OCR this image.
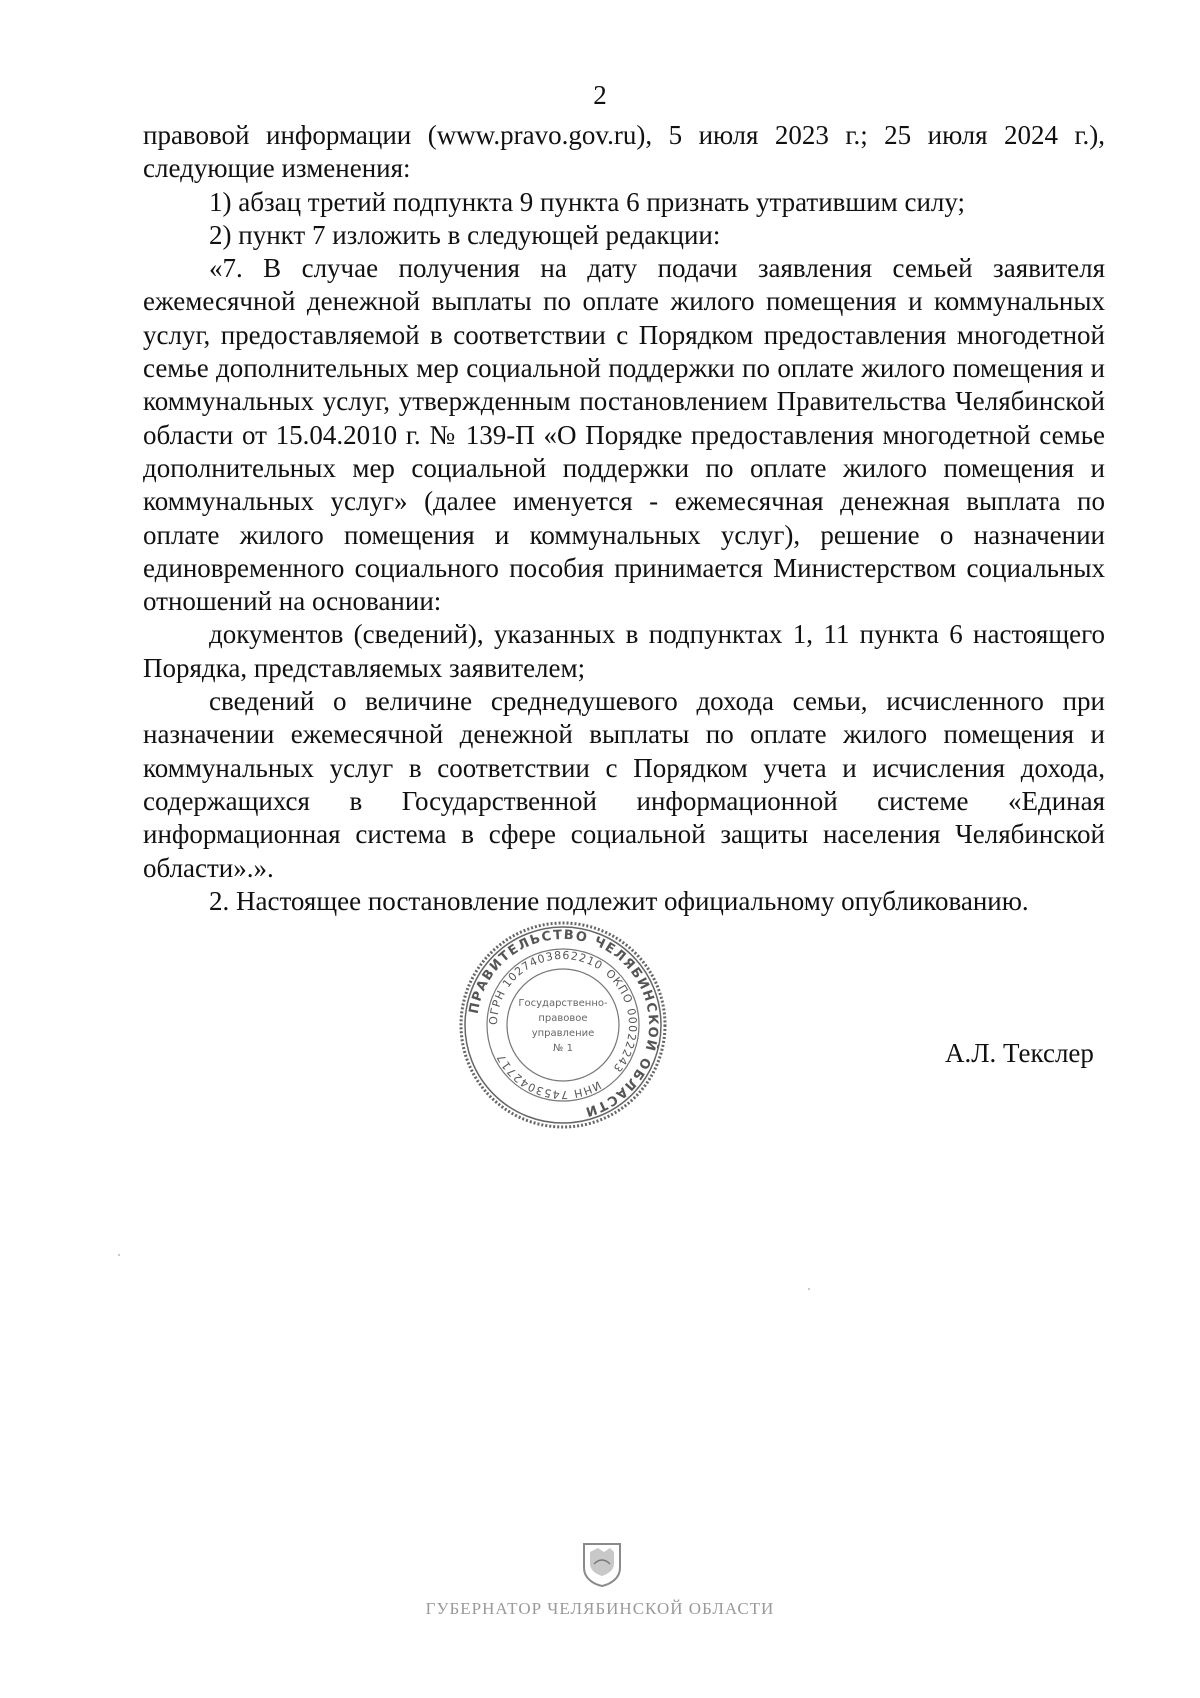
2

правовой информации (www.pravo.gov.ru), 5 июля 2023 г.; 25 июля 2024 г.), следующие изменения:

1) абзац третий подпункта 9 пункта 6 признать утратившим силу;

2) пункт 7 изложить в следующей редакции:

«7. В случае получения на дату подачи заявления семьей заявителя ежемесячной денежной выплаты по оплате жилого помещения и коммунальных услуг, предоставляемой в соответствии с Порядком предоставления многодетной семье дополнительных мер социальной поддержки по оплате жилого помещения и коммунальных услуг, утвержденным постановлением Правительства Челябинской области от 15.04.2010 г. № 139-П «О Порядке предоставления многодетной семье дополнительных мер социальной поддержки по оплате жилого помещения и коммунальных услуг» (далее именуется - ежемесячная денежная выплата по оплате жилого помещения и коммунальных услуг), решение о назначении единовременного социального пособия принимается Министерством социальных отношений на основании:

документов (сведений), указанных в подпунктах 1, 11 пункта 6 настоящего Порядка, представляемых заявителем;

сведений о величине среднедушевого дохода семьи, исчисленного при назначении ежемесячной денежной выплаты по оплате жилого помещения и коммунальных услуг в соответствии с Порядком учета и исчисления дохода, содержащихся в Государственной информационной системе «Единая информационная система в сфере социальной защиты населения Челябинской области».».

2. Настоящее постановление подлежит официальному опубликованию.

ПРАВИТЕЛЬСТВО ЧЕЛЯБИНСКОЙ ОБЛАСТИ
ОГРН 1027403862210
ОКПО 00022243
ИНН 7453042717
Государственно-
правовое
управление
№ 1	А.Л. Текслер
ГУБЕРНАТОР ЧЕЛЯБИНСКОЙ ОБЛАСТИ
